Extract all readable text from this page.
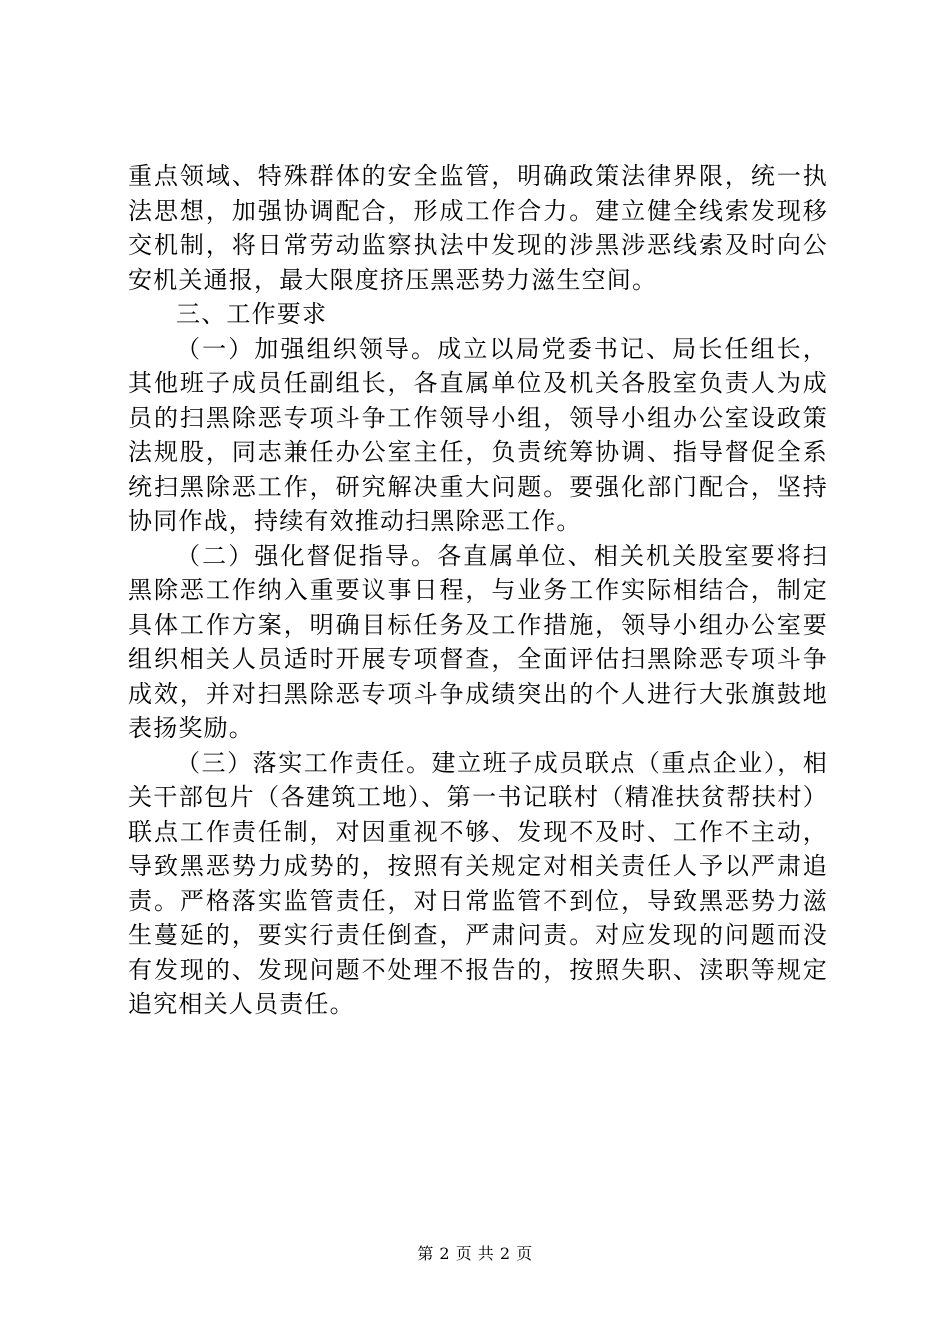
重点领域、特殊群体的安全监管，明确政策法律界限，统一执法思想，加强协调配合，形成工作合力。建立健全线索发现移交机制，将日常劳动监察执法中发现的涉黑涉恶线索及时向公安机关通报，最大限度挤压黑恶势力滋生空间。

三、工作要求

（一）加强组织领导。成立以局党委书记、局长任组长，其他班子成员任副组长，各直属单位及机关各股室负责人为成员的扫黑除恶专项斗争工作领导小组，领导小组办公室设政策法规股，同志兼任办公室主任，负责统筹协调、指导督促全系统扫黑除恶工作，研究解决重大问题。要强化部门配合，坚持协同作战，持续有效推动扫黑除恶工作。

（二）强化督促指导。各直属单位、相关机关股室要将扫黑除恶工作纳入重要议事日程，与业务工作实际相结合，制定具体工作方案，明确目标任务及工作措施，领导小组办公室要组织相关人员适时开展专项督查，全面评估扫黑除恶专项斗争成效，并对扫黑除恶专项斗争成绩突出的个人进行大张旗鼓地表扬奖励。

（三）落实工作责任。建立班子成员联点（重点企业），相关干部包片（各建筑工地）、第一书记联村（精准扶贫帮扶村）联点工作责任制，对因重视不够、发现不及时、工作不主动，导致黑恶势力成势的，按照有关规定对相关责任人予以严肃追责。严格落实监管责任，对日常监管不到位，导致黑恶势力滋生蔓延的，要实行责任倒查，严肃问责。对应发现的问题而没有发现的、发现问题不处理不报告的，按照失职、渎职等规定追究相关人员责任。

第 2 页 共 2 页
